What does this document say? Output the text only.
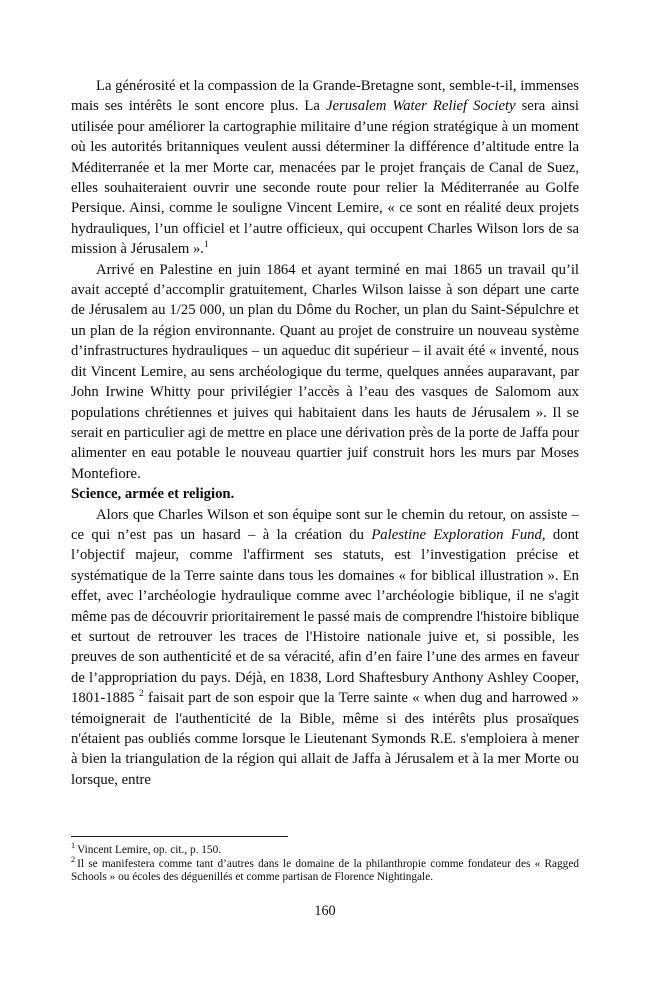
La générosité et la compassion de la Grande-Bretagne sont, semble-t-il, immenses mais ses intérêts le sont encore plus. La Jerusalem Water Relief Society sera ainsi utilisée pour améliorer la cartographie militaire d’une région stratégique à un moment où les autorités britanniques veulent aussi déterminer la différence d’altitude entre la Méditerranée et la mer Morte car, menacées par le projet français de Canal de Suez, elles souhaiteraient ouvrir une seconde route pour relier la Méditerranée au Golfe Persique. Ainsi, comme le souligne Vincent Lemire, « ce sont en réalité deux projets hydrauliques, l’un officiel et l’autre officieux, qui occupent Charles Wilson lors de sa mission à Jérusalem ».$^1$

Arrivé en Palestine en juin 1864 et ayant terminé en mai 1865 un travail qu’il avait accepté d’accomplir gratuitement, Charles Wilson laisse à son départ une carte de Jérusalem au 1/25 000, un plan du Dôme du Rocher, un plan du Saint-Sépulchre et un plan de la région environnante. Quant au projet de construire un nouveau système d’infrastructures hydrauliques – un aqueduc dit supérieur – il avait été « inventé, nous dit Vincent Lemire, au sens archéologique du terme, quelques années auparavant, par John Irwine Whitty pour privilégier l’accès à l’eau des vasques de Salomom aux populations chrétiennes et juives qui habitaient dans les hauts de Jérusalem ». Il se serait en particulier agi de mettre en place une dérivation près de la porte de Jaffa pour alimenter en eau potable le nouveau quartier juif construit hors les murs par Moses Montefiore.

Science, armée et religion.

Alors que Charles Wilson et son équipe sont sur le chemin du retour, on assiste – ce qui n’est pas un hasard – à la création du Palestine Exploration Fund, dont l’objectif majeur, comme l'affirment ses statuts, est l’investigation précise et systématique de la Terre sainte dans tous les domaines « for biblical illustration ». En effet, avec l’archéologie hydraulique comme avec l’archéologie biblique, il ne s'agit même pas de découvrir prioritairement le passé mais de comprendre l'histoire biblique et surtout de retrouver les traces de l'Histoire nationale juive et, si possible, les preuves de son authenticité et de sa véracité, afin d’en faire l’une des armes en faveur de l’appropriation du pays. Déjà, en 1838, Lord Shaftesbury Anthony Ashley Cooper, 1801-1885 $^2$ faisait part de son espoir que la Terre sainte « when dug and harrowed » témoignerait de l'authenticité de la Bible, même si des intérêts plus prosaïques n'étaient pas oubliés comme lorsque le Lieutenant Symonds R.E. s'emploiera à mener à bien la triangulation de la région qui allait de Jaffa à Jérusalem et à la mer Morte ou lorsque, entre

$^1$ Vincent Lemire, op. cit., p. 150.

$^2$ Il se manifestera comme tant d’autres dans le domaine de la philanthropie comme fondateur des « Ragged Schools » ou écoles des déguenillés et comme partisan de Florence Nightingale.

160
